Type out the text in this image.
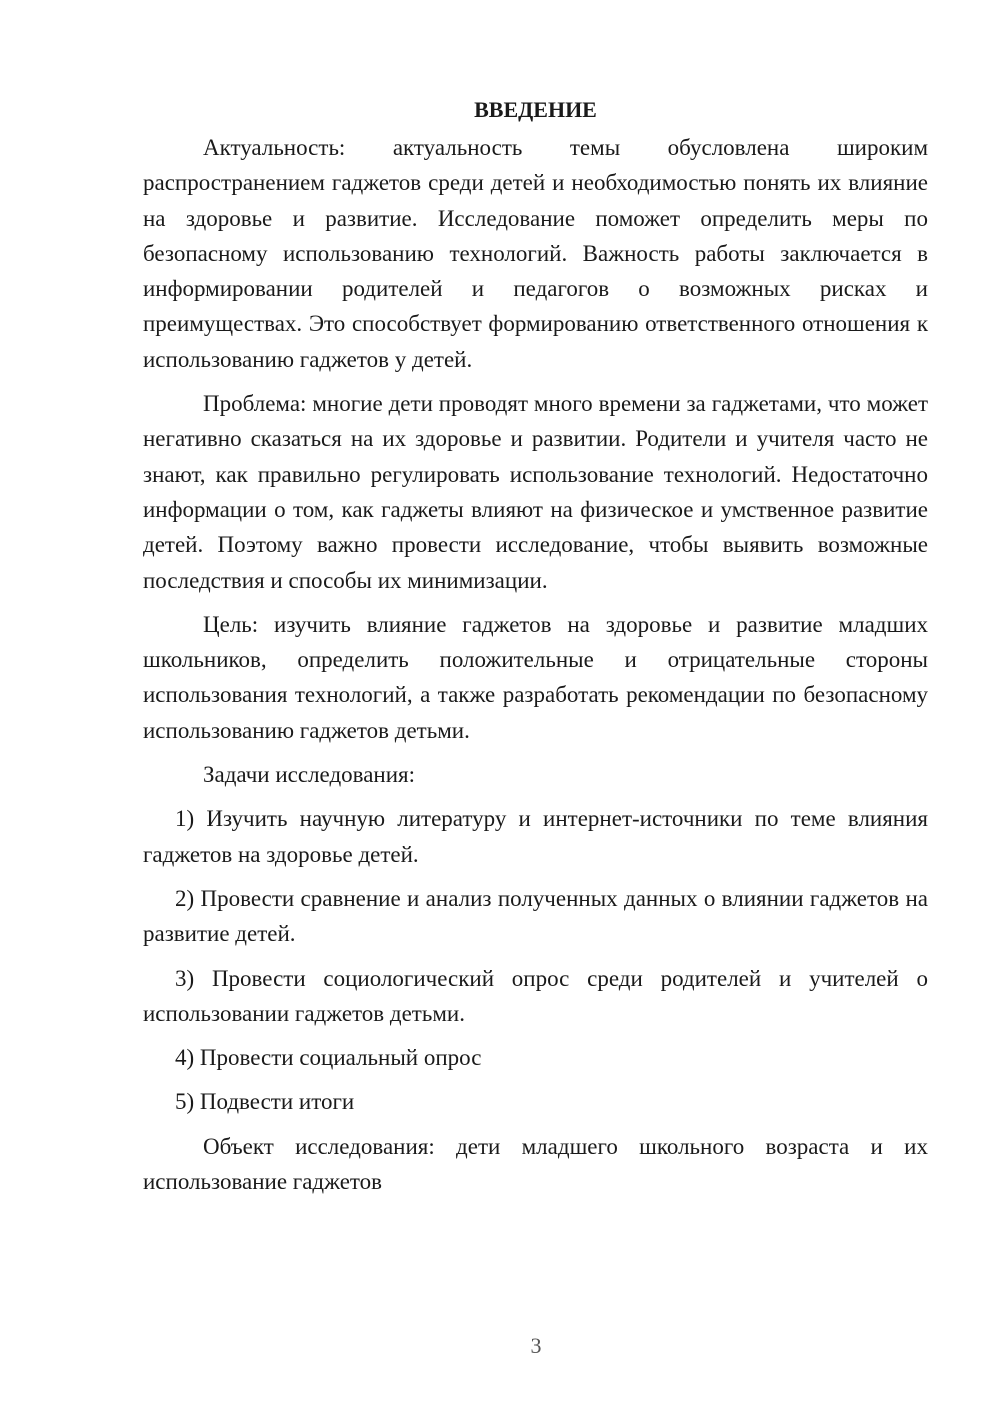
ВВЕДЕНИЕ

Актуальность: актуальность темы обусловлена широким распространением гаджетов среди детей и необходимостью понять их влияние на здоровье и развитие. Исследование поможет определить меры по безопасному использованию технологий. Важность работы заключается в информировании родителей и педагогов о возможных рисках и преимуществах. Это способствует формированию ответственного отношения к использованию гаджетов у детей.

Проблема: многие дети проводят много времени за гаджетами, что может негативно сказаться на их здоровье и развитии. Родители и учителя часто не знают, как правильно регулировать использование технологий. Недостаточно информации о том, как гаджеты влияют на физическое и умственное развитие детей. Поэтому важно провести исследование, чтобы выявить возможные последствия и способы их минимизации.

Цель: изучить влияние гаджетов на здоровье и развитие младших школьников, определить положительные и отрицательные стороны использования технологий, а также разработать рекомендации по безопасному использованию гаджетов детьми.

Задачи исследования:

1) Изучить научную литературу и интернет-источники по теме влияния гаджетов на здоровье детей.

2) Провести сравнение и анализ полученных данных о влиянии гаджетов на развитие детей.

3) Провести социологический опрос среди родителей и учителей о использовании гаджетов детьми.

4) Провести социальный опрос

5) Подвести итоги

Объект исследования: дети младшего школьного возраста и их использование гаджетов

3
